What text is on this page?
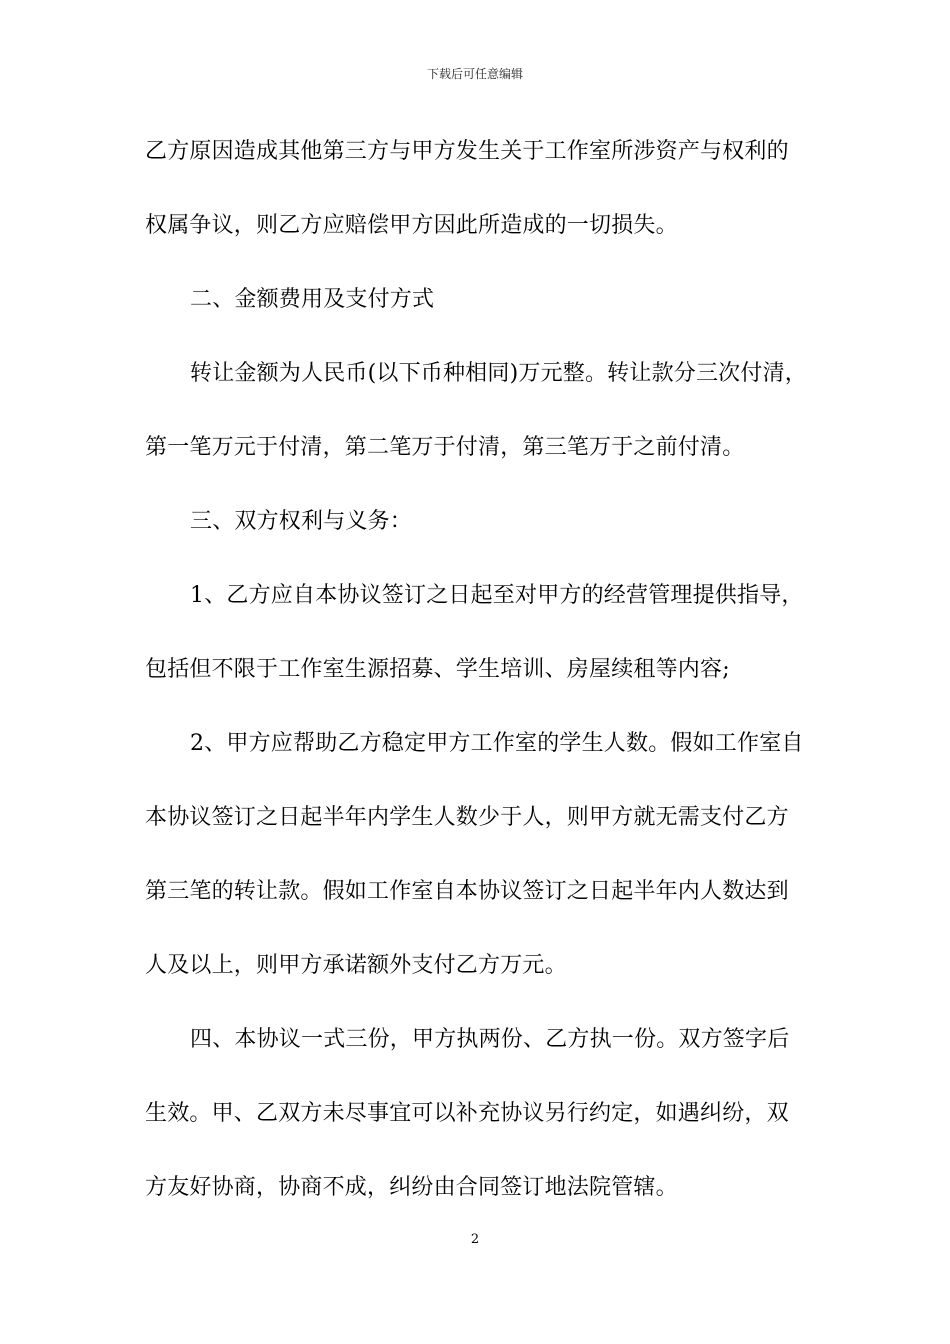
下载后可任意编辑
乙方原因造成其他第三方与甲方发生关于工作室所涉资产与权利的
权属争议，则乙方应赔偿甲方因此所造成的一切损失。
二、金额费用及支付方式
转让金额为人民币(以下币种相同)万元整。转让款分三次付清，
第一笔万元于付清，第二笔万于付清，第三笔万于之前付清。
三、双方权利与义务：
1、乙方应自本协议签订之日起至对甲方的经营管理提供指导，
包括但不限于工作室生源招募、学生培训、房屋续租等内容;
2、甲方应帮助乙方稳定甲方工作室的学生人数。假如工作室自
本协议签订之日起半年内学生人数少于人，则甲方就无需支付乙方
第三笔的转让款。假如工作室自本协议签订之日起半年内人数达到
人及以上，则甲方承诺额外支付乙方万元。
四、本协议一式三份，甲方执两份、乙方执一份。双方签字后
生效。甲、乙双方未尽事宜可以补充协议另行约定，如遇纠纷，双
方友好协商，协商不成，纠纷由合同签订地法院管辖。
2
